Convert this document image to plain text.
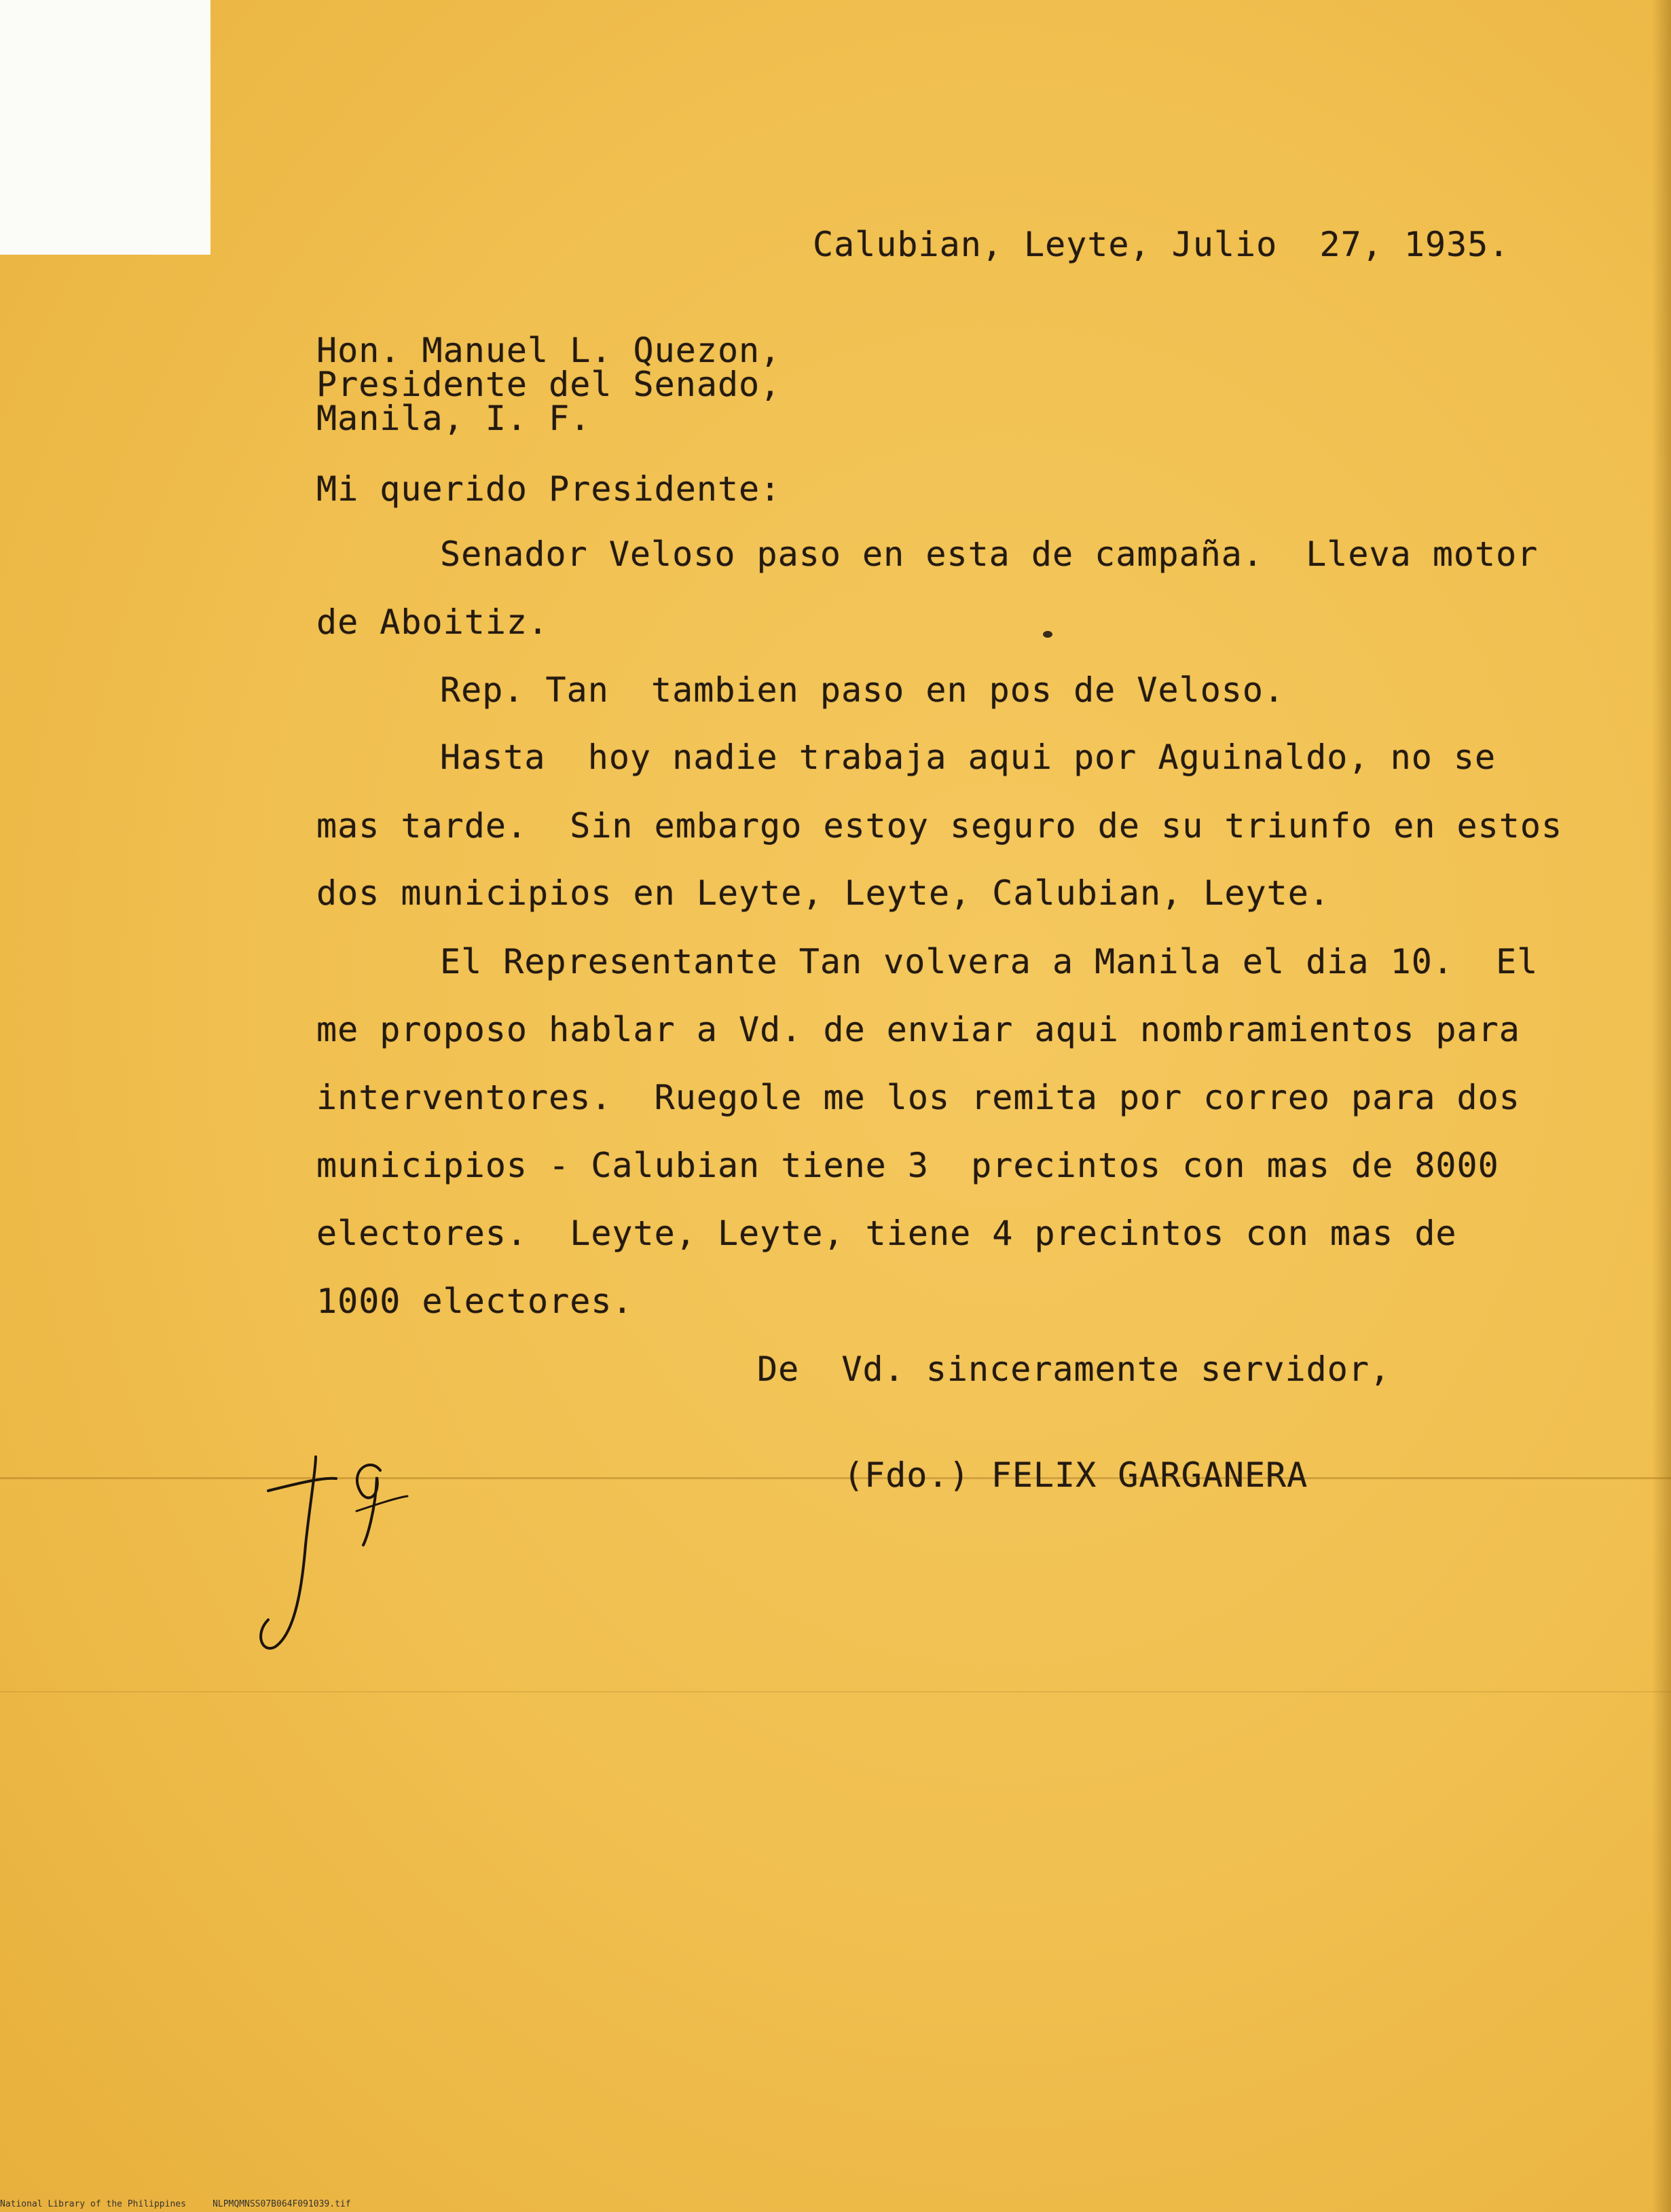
Calubian, Leyte, Julio  27, 1935.
Hon. Manuel L. Quezon,
Presidente del Senado,
Manila, I. F.
Mi querido Presidente:
Senador Veloso paso en esta de campaña.  Lleva motor
de Aboitiz.
Rep. Tan  tambien paso en pos de Veloso.
Hasta  hoy nadie trabaja aqui por Aguinaldo, no se
mas tarde.  Sin embargo estoy seguro de su triunfo en estos
dos municipios en Leyte, Leyte, Calubian, Leyte.
El Representante Tan volvera a Manila el dia 10.  El
me proposo hablar a Vd. de enviar aqui nombramientos para
interventores.  Ruegole me los remita por correo para dos
municipios - Calubian tiene 3  precintos con mas de 8000
electores.  Leyte, Leyte, tiene 4 precintos con mas de
1000 electores.
De  Vd. sinceramente servidor,
(Fdo.) FELIX GARGANERA
National Library of the Philippines     NLPMQMNSS07B064F091039.tif
